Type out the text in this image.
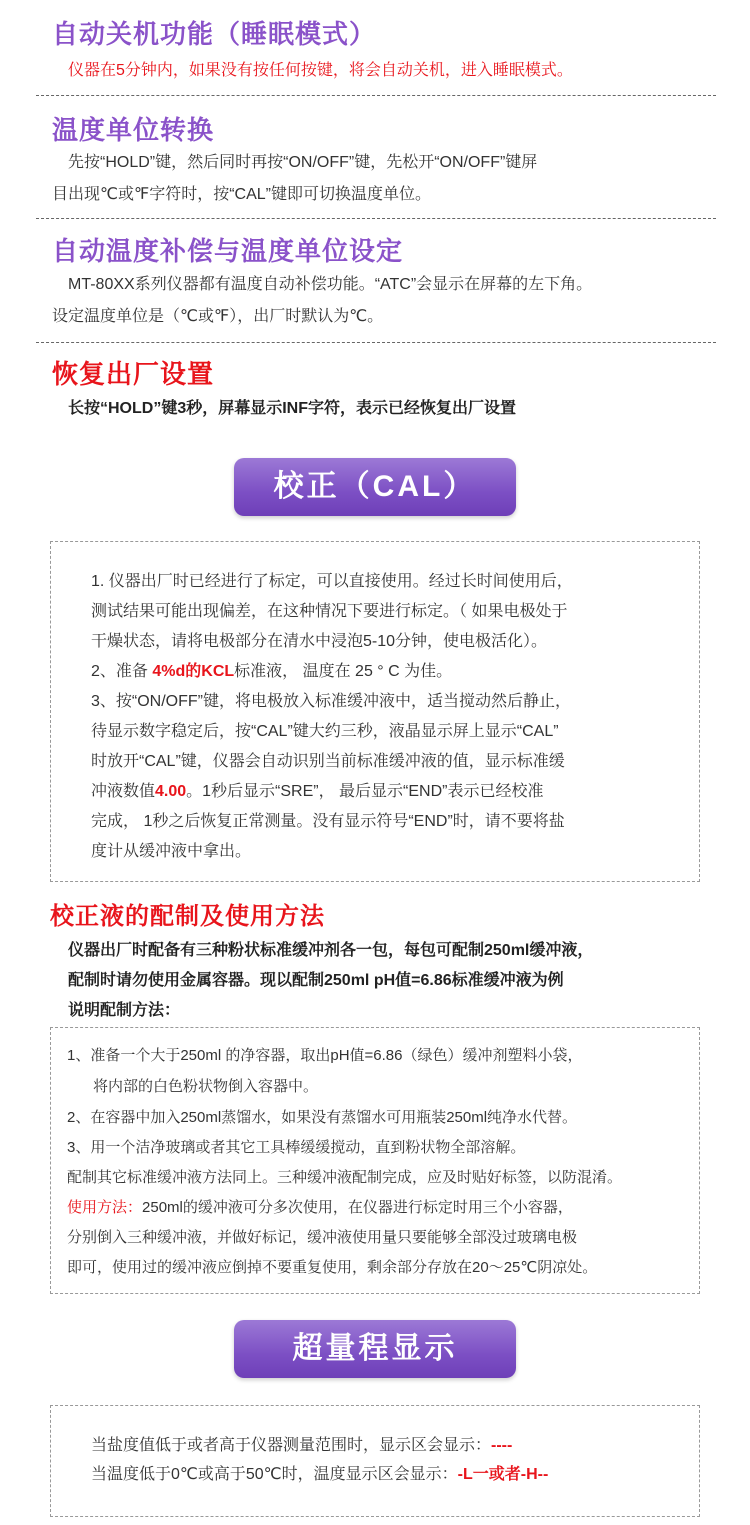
自动关机功能（睡眠模式）
仪器在5分钟内，如果没有按任何按键，将会自动关机，进入睡眠模式。
温度单位转换
先按“HOLD”键，然后同时再按“ON/OFF”键，先松开“ON/OFF”键屏
目出现℃或℉字符时，按“CAL”键即可切换温度单位。
自动温度补偿与温度单位设定
MT-80XX系列仪器都有温度自动补偿功能。“ATC”会显示在屏幕的左下角。
设定温度单位是（℃或℉），出厂时默认为℃。
恢复出厂设置
长按“HOLD”键3秒，屏幕显示INF字符，表示已经恢复出厂设置
校正（CAL）
1. 仪器出厂时已经进行了标定，可以直接使用。经过长时间使用后，
测试结果可能出现偏差，在这种情况下要进行标定。（ 如果电极处于
干燥状态，请将电极部分在清水中浸泡5-10分钟，使电极活化）。
2、准备 4%d的KCL标准液， 温度在 25 ° C 为佳。
3、按“ON/OFF”键，将电极放入标准缓冲液中，适当搅动然后静止，
待显示数字稳定后，按“CAL”键大约三秒，液晶显示屏上显示“CAL”
时放开“CAL”键，仪器会自动识别当前标准缓冲液的值，显示标准缓
冲液数值4.00。1秒后显示“SRE”， 最后显示“END”表示已经校准
完成， 1秒之后恢复正常测量。没有显示符号“END”时，请不要将盐
度计从缓冲液中拿出。
校正液的配制及使用方法
仪器出厂时配备有三种粉状标准缓冲剂各一包，每包可配制250ml缓冲液，
配制时请勿使用金属容器。现以配制250ml pH值=6.86标准缓冲液为例
说明配制方法：
1、准备一个大于250ml 的净容器，取出pH值=6.86（绿色）缓冲剂塑料小袋，
将内部的白色粉状物倒入容器中。
2、在容器中加入250ml蒸馏水，如果没有蒸馏水可用瓶装250ml纯净水代替。
3、用一个洁净玻璃或者其它工具棒缓缓搅动，直到粉状物全部溶解。
配制其它标准缓冲液方法同上。三种缓冲液配制完成，应及时贴好标签，以防混淆。
使用方法：250ml的缓冲液可分多次使用，在仪器进行标定时用三个小容器，
分别倒入三种缓冲液，并做好标记，缓冲液使用量只要能够全部没过玻璃电极
即可，使用过的缓冲液应倒掉不要重复使用，剩余部分存放在20～25℃阴凉处。
超量程显示
当盐度值低于或者高于仪器测量范围时，显示区会显示：----
当温度低于0℃或高于50℃时，温度显示区会显示：-L一或者-H--
